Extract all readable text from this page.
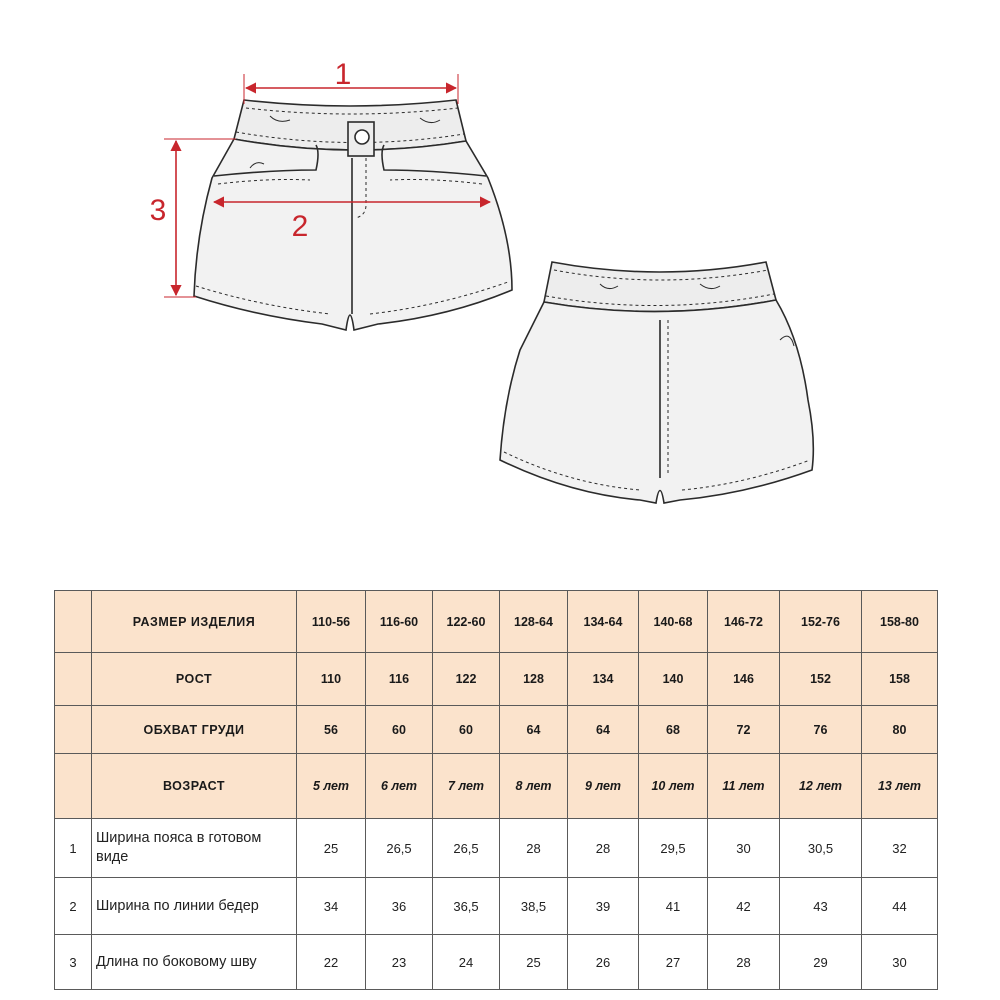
1
2
3
	РАЗМЕР ИЗДЕЛИЯ	110-56	116-60	122-60	128-64	134-64	140-68	146-72	152-76	158-80
	РОСТ	110	116	122	128	134	140	146	152	158
	ОБХВАТ ГРУДИ	56	60	60	64	64	68	72	76	80
	ВОЗРАСТ	5 лет	6 лет	7 лет	8 лет	9 лет	10 лет	11 лет	12 лет	13 лет
1	Ширина пояса в готовом виде	25	26,5	26,5	28	28	29,5	30	30,5	32
2	Ширина по линии бедер	34	36	36,5	38,5	39	41	42	43	44
3	Длина по боковому шву	22	23	24	25	26	27	28	29	30
